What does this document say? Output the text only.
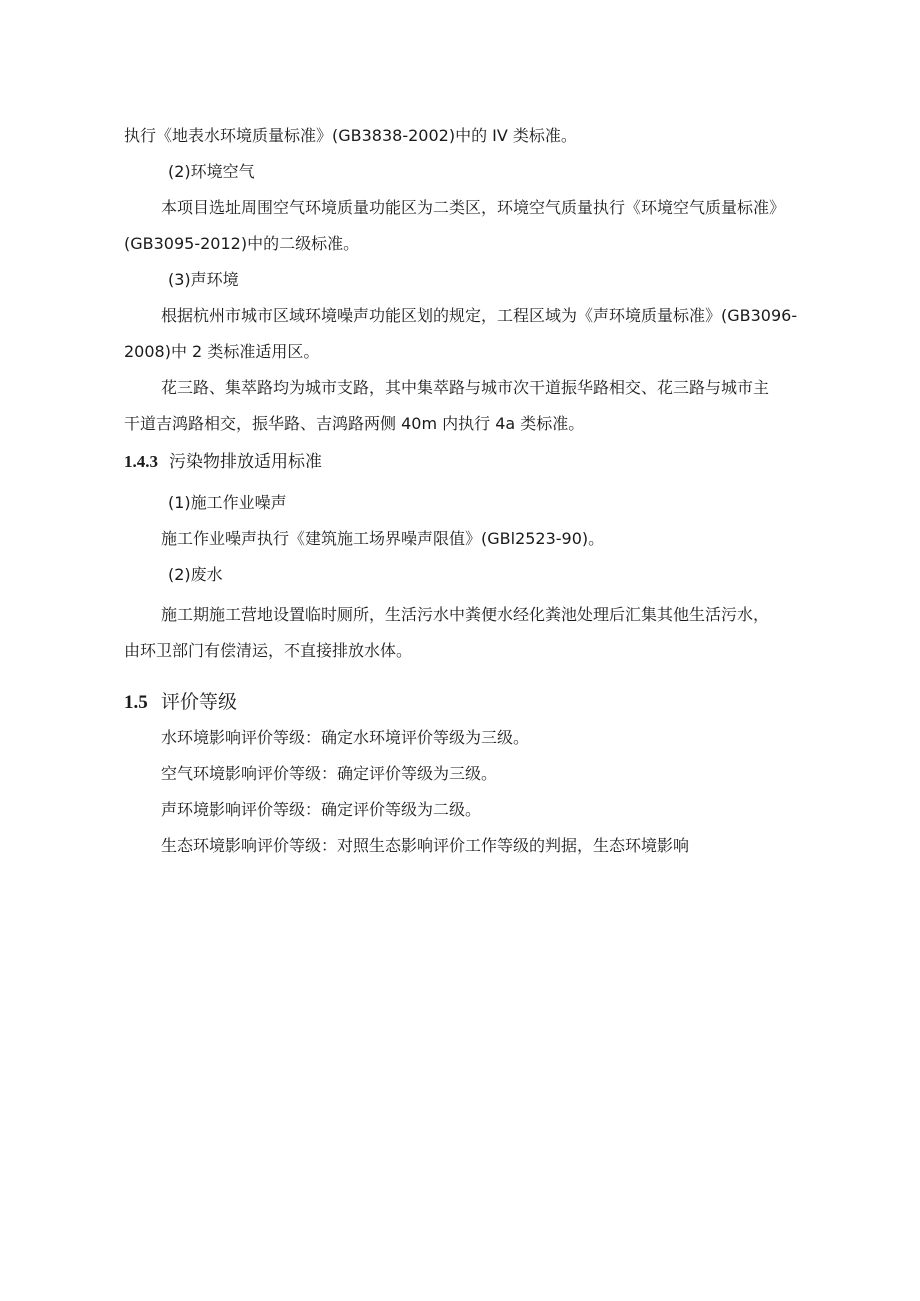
执行《地表水环境质量标准》(GB3838-2002)中的 IV 类标准。
(2)环境空气
本项目选址周围空气环境质量功能区为二类区，环境空气质量执行《环境空气质量标准》
(GB3095-2012)中的二级标准。
(3)声环境
根据杭州市城市区域环境噪声功能区划的规定，工程区域为《声环境质量标准》(GB3096-
2008)中 2 类标准适用区。
花三路、集萃路均为城市支路，其中集萃路与城市次干道振华路相交、花三路与城市主
干道吉鸿路相交，振华路、吉鸿路两侧 40m 内执行 4a 类标准。
1.4.3 污染物排放适用标准
(1)施工作业噪声
施工作业噪声执行《建筑施工场界噪声限值》(GBl2523-90)。
(2)废水
施工期施工营地设置临时厕所，生活污水中粪便水经化粪池处理后汇集其他生活污水，
由环卫部门有偿清运，不直接排放水体。
1.5 评价等级
水环境影响评价等级：确定水环境评价等级为三级。
空气环境影响评价等级：确定评价等级为三级。
声环境影响评价等级：确定评价等级为二级。
生态环境影响评价等级：对照生态影响评价工作等级的判据，生态环境影响
